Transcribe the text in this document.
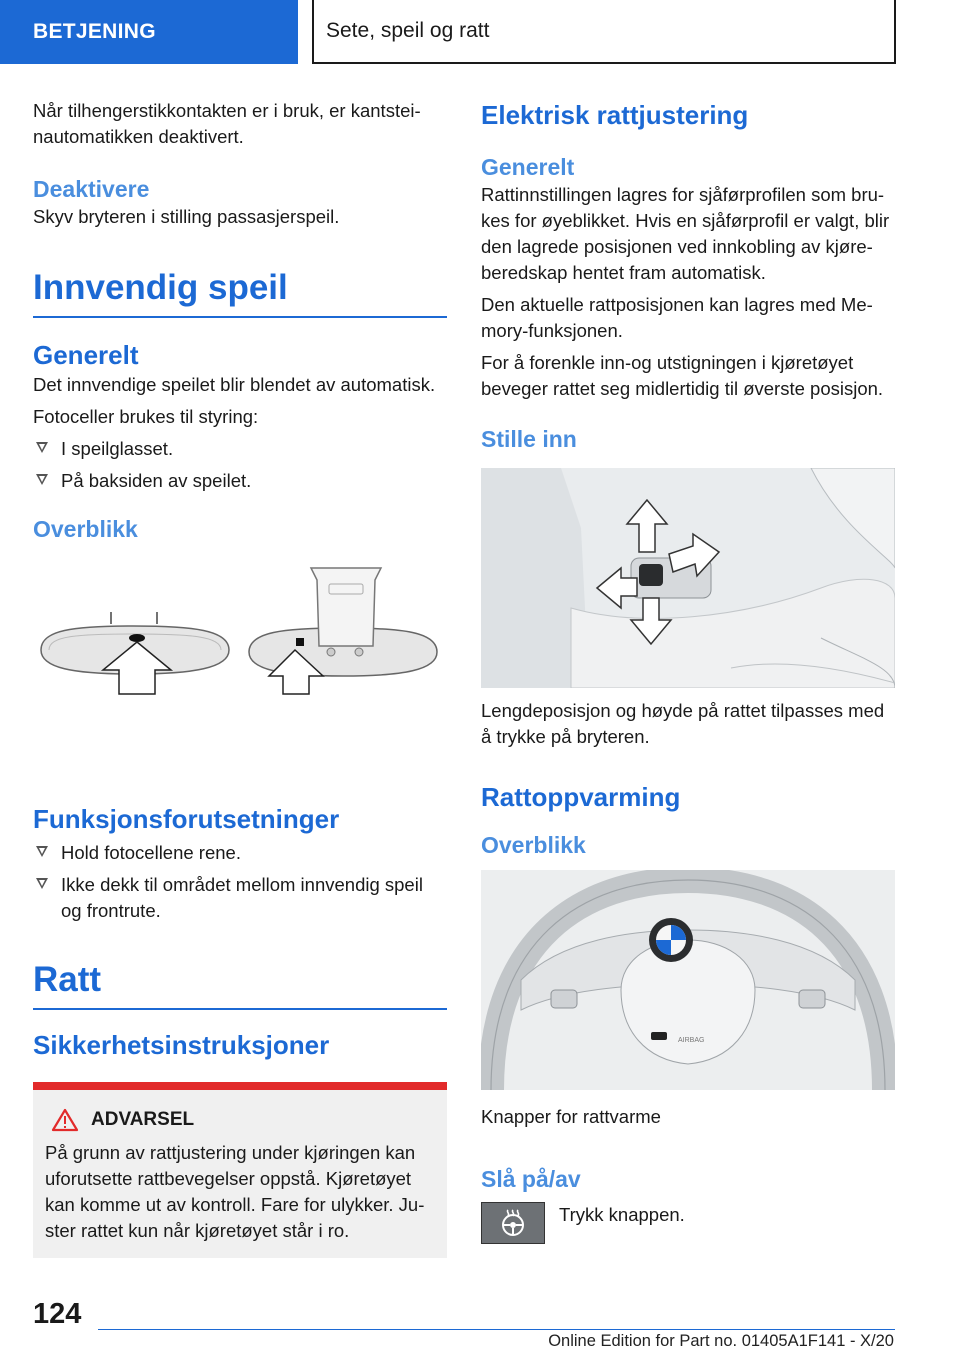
BETJENING	Sete, speil og ratt

Når tilhengerstikkontakten er i bruk, er kantsteinautomatikken deaktivert.

Deaktivere

Skyv bryteren i stilling passasjerspeil.

Innvendig speil
Generelt

Det innvendige speilet blir blendet av automatisk.

Fotoceller brukes til styring:

I speilglasset.
På baksiden av speilet.
Overblikk
Funksjonsforutsetninger
Hold fotocellene rene.
Ikke dekk til området mellom innvendig speil og frontrute.
Ratt
Sikkerhetsinstruksjoner
ADVARSEL

På grunn av rattjustering under kjøringen kan uforutsette rattbevegelser oppstå. Kjøretøyet kan komme ut av kontroll. Fare for ulykker. Juster rattet kun når kjøretøyet står i ro.

Elektrisk rattjustering
Generelt

Rattinnstillingen lagres for sjåførprofilen som brukes for øyeblikket. Hvis en sjåførprofil er valgt, blir den lagrede posisjonen ved innkobling av kjøreberedskap hentet fram automatisk.

Den aktuelle rattposisjonen kan lagres med Memory-funksjonen.

For å forenkle inn-og utstigningen i kjøretøyet beveger rattet seg midlertidig til øverste posisjon.

Stille inn

Lengdeposisjon og høyde på rattet tilpasses med å trykke på bryteren.

Rattoppvarming
Overblikk
AIRBAG

Knapper for rattvarme

Slå på/av

Trykk knappen.

124
Online Edition for Part no. 01405A1F141 - X/20
